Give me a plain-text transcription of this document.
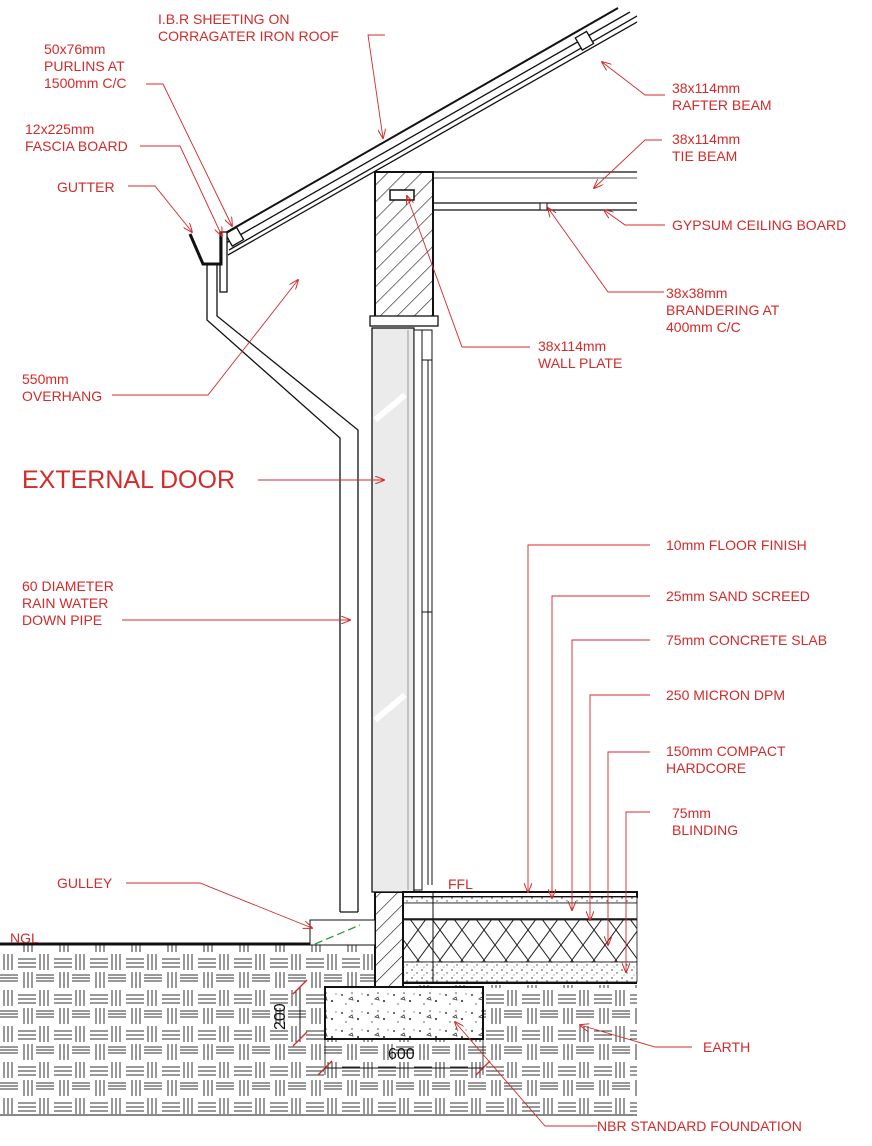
I.B.R SHEETING ON
CORRAGATER IRON ROOF
50x76mm
PURLINS AT
1500mm C/C
12x225mm
FASCIA BOARD
GUTTER
550mm
OVERHANG
EXTERNAL DOOR
60 DIAMETER
RAIN WATER
DOWN PIPE
GULLEY
NGL
FFL
38x114mm
RAFTER BEAM
38x114mm
TIE BEAM
GYPSUM CEILING BOARD
38x38mm
BRANDERING AT
400mm C/C
38x114mm
WALL PLATE
10mm FLOOR FINISH
25mm SAND SCREED
75mm CONCRETE SLAB
250 MICRON DPM
150mm COMPACT
HARDCORE
75mm
BLINDING
EARTH
NBR STANDARD FOUNDATION
200
600
